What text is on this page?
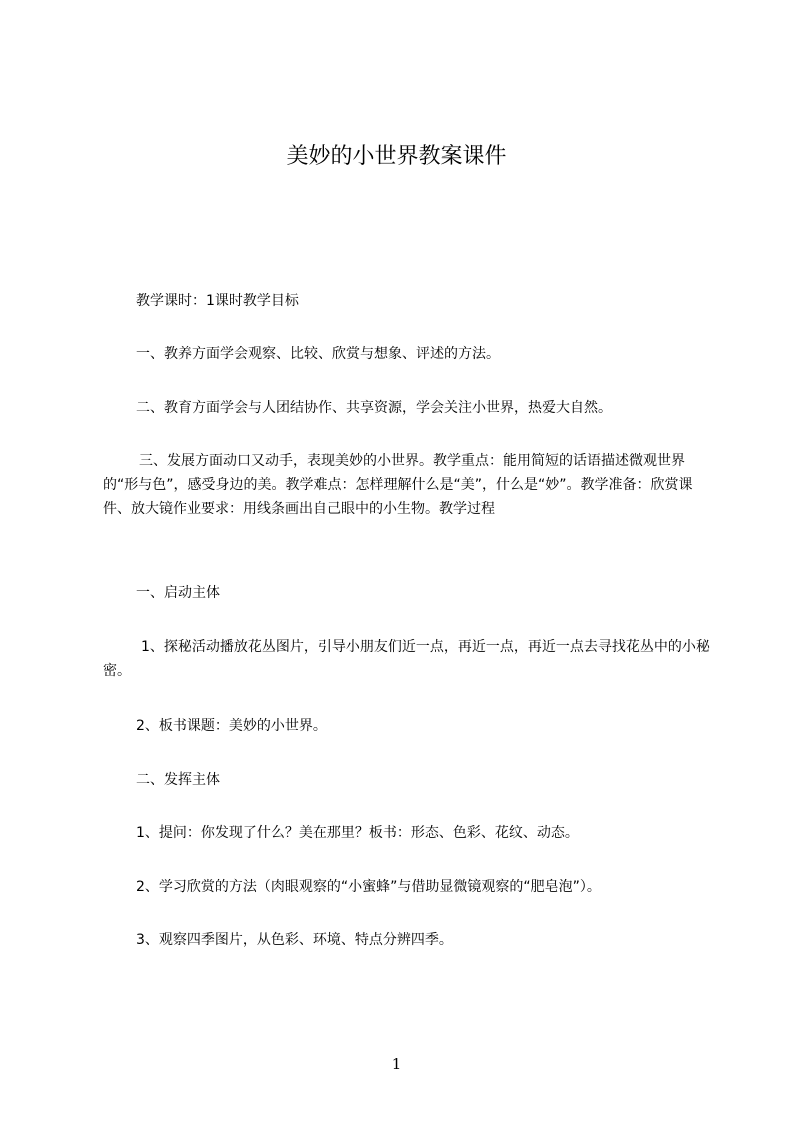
美妙的小世界教案课件

教学课时：1课时教学目标

一、教养方面学会观察、比较、欣赏与想象、评述的方法。

二、教育方面学会与人团结协作、共享资源，学会关注小世界，热爱大自然。

三、发展方面动口又动手，表现美妙的小世界。教学重点：能用简短的话语描述微观世界的“形与色”，感受身边的美。教学难点：怎样理解什么是“美”，什么是“妙”。教学准备：欣赏课件、放大镜作业要求：用线条画出自己眼中的小生物。教学过程

一、启动主体

1、探秘活动播放花丛图片，引导小朋友们近一点，再近一点，再近一点去寻找花丛中的小秘密。

2、板书课题：美妙的小世界。

二、发挥主体

1、提问：你发现了什么？美在那里？板书：形态、色彩、花纹、动态。

2、学习欣赏的方法（肉眼观察的“小蜜蜂”与借助显微镜观察的“肥皂泡”）。

3、观察四季图片，从色彩、环境、特点分辨四季。

1
